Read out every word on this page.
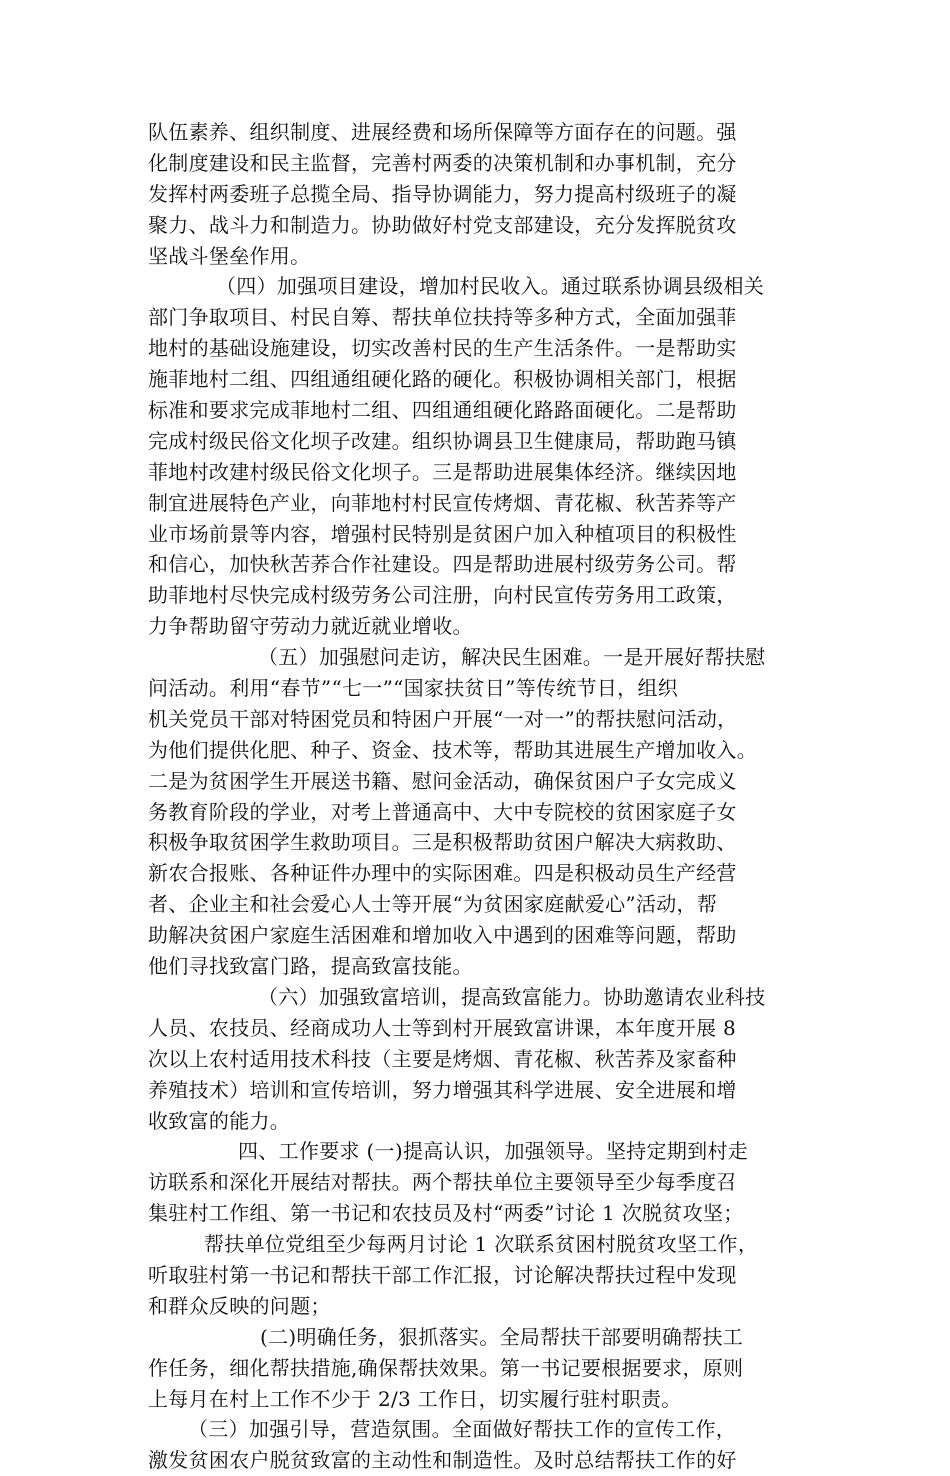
队伍素养、组织制度、进展经费和场所保障等方面存在的问题。强
化制度建设和民主监督，完善村两委的决策机制和办事机制，充分
发挥村两委班子总揽全局、指导协调能力，努力提高村级班子的凝
聚力、战斗力和制造力。协助做好村党支部建设，充分发挥脱贫攻
坚战斗堡垒作用。
（四）加强项目建设，增加村民收入。通过联系协调县级相关
部门争取项目、村民自筹、帮扶单位扶持等多种方式，全面加强菲
地村的基础设施建设，切实改善村民的生产生活条件。一是帮助实
施菲地村二组、四组通组硬化路的硬化。积极协调相关部门，根据
标准和要求完成菲地村二组、四组通组硬化路路面硬化。二是帮助
完成村级民俗文化坝子改建。组织协调县卫生健康局，帮助跑马镇
菲地村改建村级民俗文化坝子。三是帮助进展集体经济。继续因地
制宜进展特色产业，向菲地村村民宣传烤烟、青花椒、秋苦荞等产
业市场前景等内容，增强村民特别是贫困户加入种植项目的积极性
和信心，加快秋苦荞合作社建设。四是帮助进展村级劳务公司。帮
助菲地村尽快完成村级劳务公司注册，向村民宣传劳务用工政策，
力争帮助留守劳动力就近就业增收。
（五）加强慰问走访，解决民生困难。一是开展好帮扶慰
问活动。利用“春节”“七一”“国家扶贫日”等传统节日，组织
机关党员干部对特困党员和特困户开展“一对一”的帮扶慰问活动，
为他们提供化肥、种子、资金、技术等，帮助其进展生产增加收入。
二是为贫困学生开展送书籍、慰问金活动，确保贫困户子女完成义
务教育阶段的学业，对考上普通高中、大中专院校的贫困家庭子女
积极争取贫困学生救助项目。三是积极帮助贫困户解决大病救助、
新农合报账、各种证件办理中的实际困难。四是积极动员生产经营
者、企业主和社会爱心人士等开展“为贫困家庭献爱心”活动，帮
助解决贫困户家庭生活困难和增加收入中遇到的困难等问题，帮助
他们寻找致富门路，提高致富技能。
（六）加强致富培训，提高致富能力。协助邀请农业科技
人员、农技员、经商成功人士等到村开展致富讲课，本年度开展 8
次以上农村适用技术科技（主要是烤烟、青花椒、秋苦荞及家畜种
养殖技术）培训和宣传培训，努力增强其科学进展、安全进展和增
收致富的能力。
四、工作要求 (一)提高认识，加强领导。坚持定期到村走
访联系和深化开展结对帮扶。两个帮扶单位主要领导至少每季度召
集驻村工作组、第一书记和农技员及村“两委”讨论 1 次脱贫攻坚；
帮扶单位党组至少每两月讨论 1 次联系贫困村脱贫攻坚工作，
听取驻村第一书记和帮扶干部工作汇报，讨论解决帮扶过程中发现
和群众反映的问题；
(二)明确任务，狠抓落实。全局帮扶干部要明确帮扶工
作任务，细化帮扶措施,确保帮扶效果。第一书记要根据要求，原则
上每月在村上工作不少于 2/3 工作日，切实履行驻村职责。
（三）加强引导，营造氛围。全面做好帮扶工作的宣传工作，
激发贫困农户脱贫致富的主动性和制造性。及时总结帮扶工作的好
